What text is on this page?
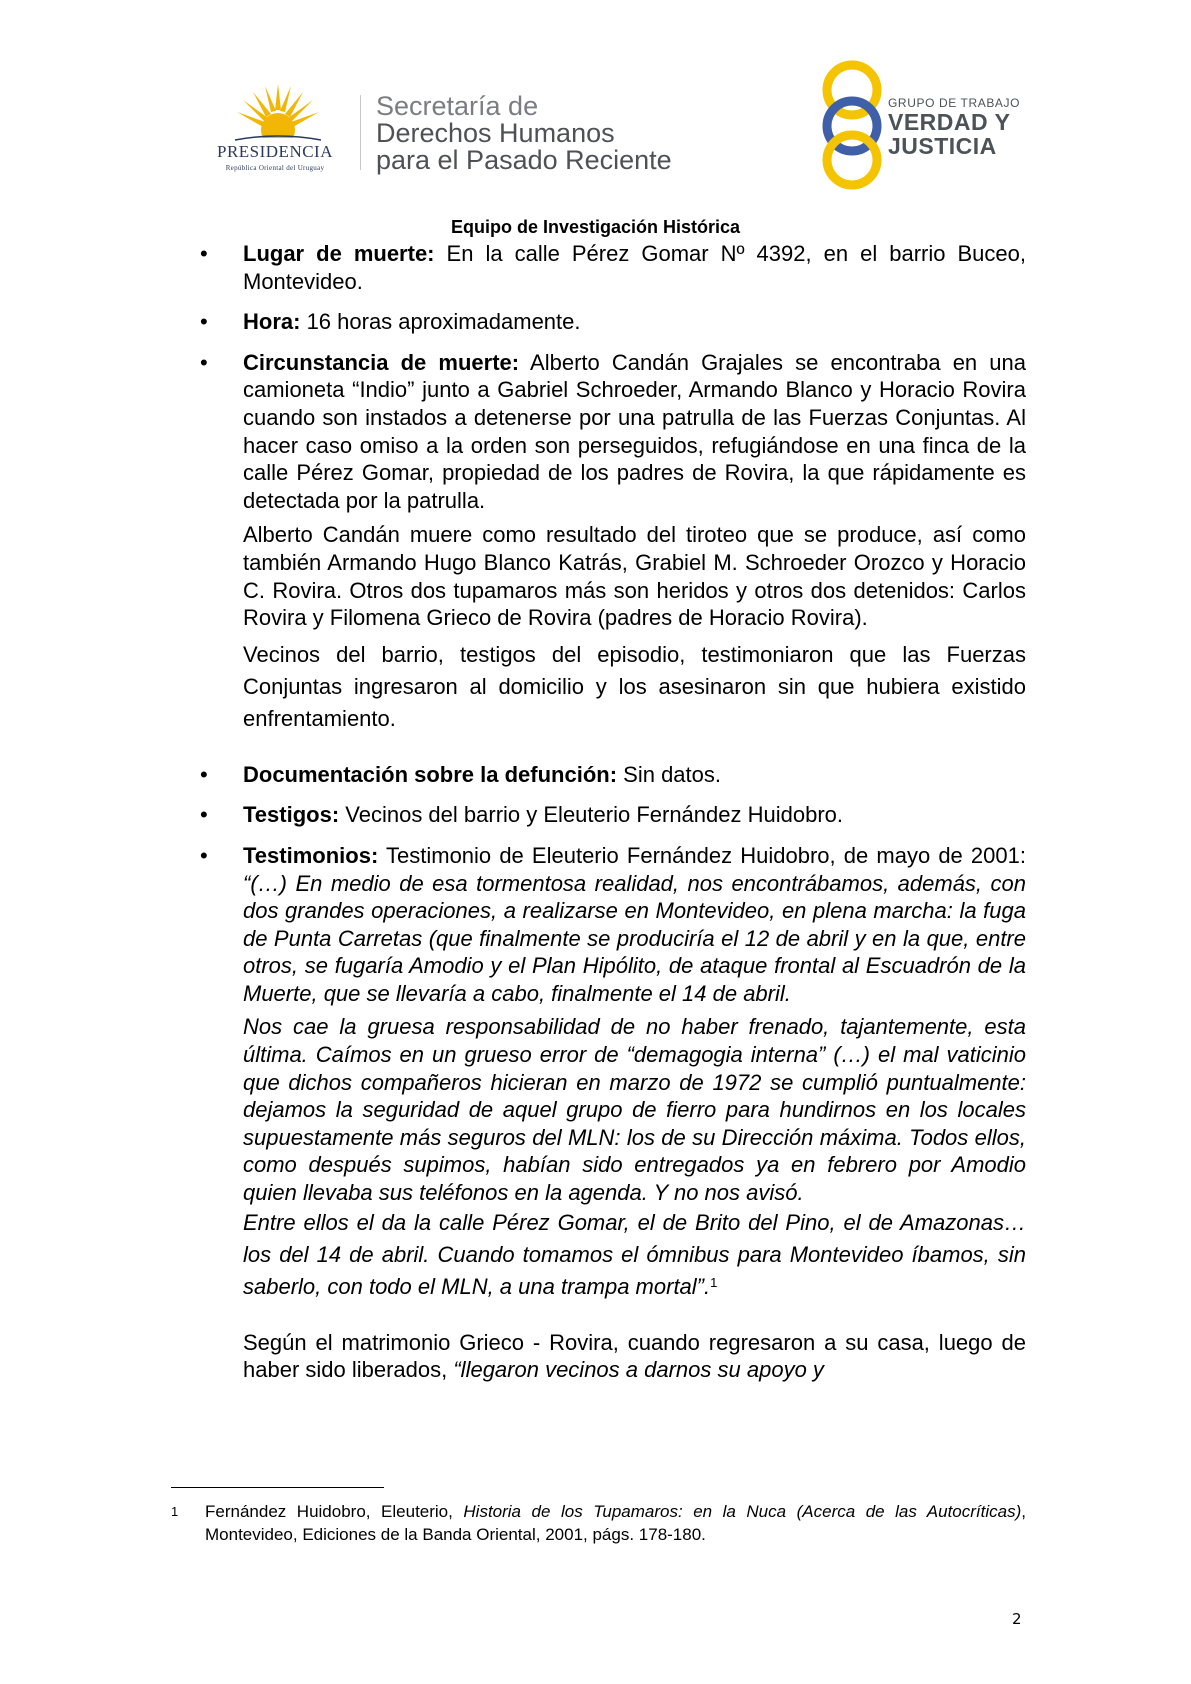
PRESIDENCIA
República Oriental del Uruguay
Secretaría de
Derechos Humanos
para el Pasado Reciente
GRUPO DE TRABAJO
VERDAD Y
JUSTICIA
Equipo de Investigación Histórica
• Lugar de muerte: En la calle Pérez Gomar Nº 4392, en el barrio Buceo, Montevideo.
• Hora: 16 horas aproximadamente.
• Circunstancia de muerte: Alberto Candán Grajales se encontraba en una camioneta “Indio” junto a Gabriel Schroeder, Armando Blanco y Horacio Rovira cuando son instados a detenerse por una patrulla de las Fuerzas Conjuntas. Al hacer caso omiso a la orden son perseguidos, refugiándose en una finca de la calle Pérez Gomar, propiedad de los padres de Rovira, la que rápidamente es detectada por la patrulla.
Alberto Candán muere como resultado del tiroteo que se produce, así como también Armando Hugo Blanco Katrás, Grabiel M. Schroeder Orozco y Horacio C. Rovira. Otros dos tupamaros más son heridos y otros dos detenidos: Carlos Rovira y Filomena Grieco de Rovira (padres de Horacio Rovira).
Vecinos del barrio, testigos del episodio, testimoniaron que las Fuerzas Conjuntas ingresaron al domicilio y los asesinaron sin que hubiera existido enfrentamiento.
• Documentación sobre la defunción: Sin datos.
• Testigos: Vecinos del barrio y Eleuterio Fernández Huidobro.
• Testimonios: Testimonio de Eleuterio Fernández Huidobro, de mayo de 2001: “(…) En medio de esa tormentosa realidad, nos encontrábamos, además, con dos grandes operaciones, a realizarse en Montevideo, en plena marcha: la fuga de Punta Carretas (que finalmente se produciría el 12 de abril y en la que, entre otros, se fugaría Amodio y el Plan Hipólito, de ataque frontal al Escuadrón de la Muerte, que se llevaría a cabo, finalmente el 14 de abril.
Nos cae la gruesa responsabilidad de no haber frenado, tajantemente, esta última. Caímos en un grueso error de “demagogia interna” (…) el mal vaticinio que dichos compañeros hicieran en marzo de 1972 se cumplió puntualmente: dejamos la seguridad de aquel grupo de fierro para hundirnos en los locales supuestamente más seguros del MLN: los de su Dirección máxima. Todos ellos, como después supimos, habían sido entregados ya en febrero por Amodio quien llevaba sus teléfonos en la agenda. Y no nos avisó.
Entre ellos el da la calle Pérez Gomar, el de Brito del Pino, el de Amazonas… los del 14 de abril. Cuando tomamos el ómnibus para Montevideo íbamos, sin saberlo, con todo el MLN, a una trampa mortal”.$^1$
Según el matrimonio Grieco - Rovira, cuando regresaron a su casa, luego de haber sido liberados, “llegaron vecinos a darnos su apoyo y
1 Fernández Huidobro, Eleuterio, Historia de los Tupamaros: en la Nuca (Acerca de las Autocríticas), Montevideo, Ediciones de la Banda Oriental, 2001, págs. 178-180.
2
